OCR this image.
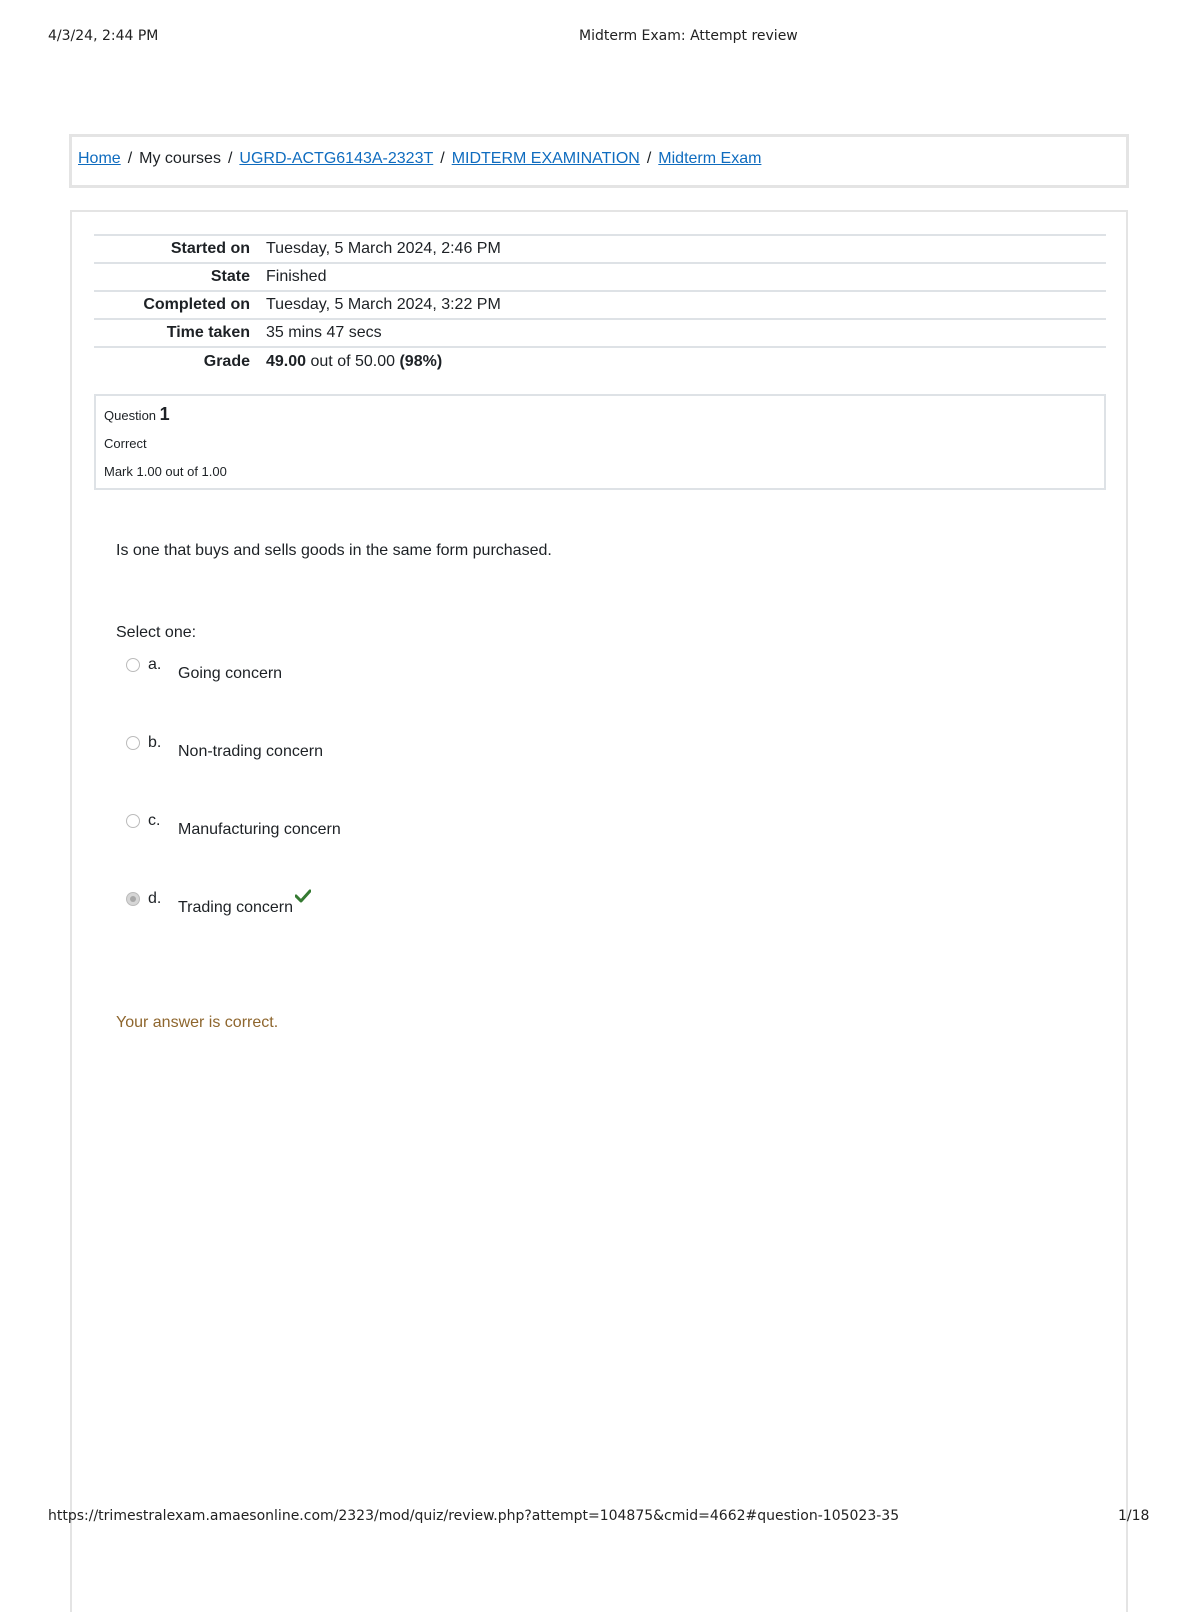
4/3/24, 2:44 PM	Midterm Exam: Attempt review
Home / My courses / UGRD-ACTG6143A-2323T / MIDTERM EXAMINATION / Midterm Exam
Started on	Tuesday, 5 March 2024, 2:46 PM
State	Finished
Completed on	Tuesday, 5 March 2024, 3:22 PM
Time taken	35 mins 47 secs
Grade	49.00 out of 50.00 (98%)
Question 1
Correct
Mark 1.00 out of 1.00
Is one that buys and sells goods in the same form purchased.
Select one:
a.
Going concern
b.
Non-trading concern
c.
Manufacturing concern
d.
Trading concern
Your answer is correct.
https://trimestralexam.amaesonline.com/2323/mod/quiz/review.php?attempt=104875&cmid=4662#question-105023-35	1/18
